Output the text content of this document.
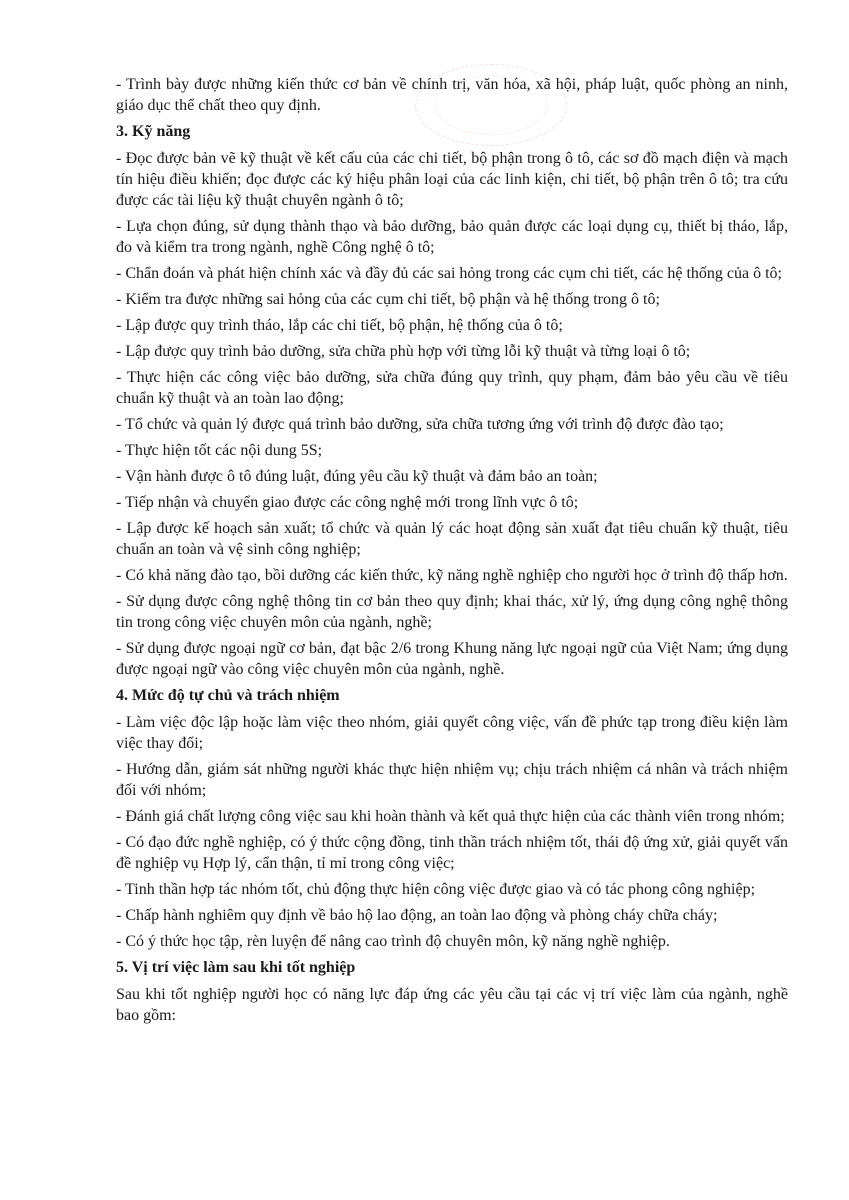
- Trình bày được những kiến thức cơ bản về chính trị, văn hóa, xã hội, pháp luật, quốc phòng an ninh, giáo dục thể chất theo quy định.

3. Kỹ năng

- Đọc được bản vẽ kỹ thuật về kết cấu của các chi tiết, bộ phận trong ô tô, các sơ đồ mạch điện và mạch tín hiệu điều khiển; đọc được các ký hiệu phân loại của các linh kiện, chi tiết, bộ phận trên ô tô; tra cứu được các tài liệu kỹ thuật chuyên ngành ô tô;

- Lựa chọn đúng, sử dụng thành thạo và bảo dưỡng, bảo quản được các loại dụng cụ, thiết bị tháo, lắp, đo và kiểm tra trong ngành, nghề Công nghệ ô tô;

- Chẩn đoán và phát hiện chính xác và đầy đủ các sai hỏng trong các cụm chi tiết, các hệ thống của ô tô;

- Kiểm tra được những sai hỏng của các cụm chi tiết, bộ phận và hệ thống trong ô tô;

- Lập được quy trình tháo, lắp các chi tiết, bộ phận, hệ thống của ô tô;

- Lập được quy trình bảo dưỡng, sửa chữa phù hợp với từng lỗi kỹ thuật và từng loại ô tô;

- Thực hiện các công việc bảo dưỡng, sửa chữa đúng quy trình, quy phạm, đảm bảo yêu cầu về tiêu chuẩn kỹ thuật và an toàn lao động;

- Tổ chức và quản lý được quá trình bảo dưỡng, sửa chữa tương ứng với trình độ được đào tạo;

- Thực hiện tốt các nội dung 5S;

- Vận hành được ô tô đúng luật, đúng yêu cầu kỹ thuật và đảm bảo an toàn;

- Tiếp nhận và chuyển giao được các công nghệ mới trong lĩnh vực ô tô;

- Lập được kế hoạch sản xuất; tổ chức và quản lý các hoạt động sản xuất đạt tiêu chuẩn kỹ thuật, tiêu chuẩn an toàn và vệ sinh công nghiệp;

- Có khả năng đào tạo, bồi dưỡng các kiến thức, kỹ năng nghề nghiệp cho người học ở trình độ thấp hơn.

- Sử dụng được công nghệ thông tin cơ bản theo quy định; khai thác, xử lý, ứng dụng công nghệ thông tin trong công việc chuyên môn của ngành, nghề;

- Sử dụng được ngoại ngữ cơ bản, đạt bậc 2/6 trong Khung năng lực ngoại ngữ của Việt Nam; ứng dụng được ngoại ngữ vào công việc chuyên môn của ngành, nghề.

4. Mức độ tự chủ và trách nhiệm

- Làm việc độc lập hoặc làm việc theo nhóm, giải quyết công việc, vấn đề phức tạp trong điều kiện làm việc thay đổi;

- Hướng dẫn, giám sát những người khác thực hiện nhiệm vụ; chịu trách nhiệm cá nhân và trách nhiệm đối với nhóm;

- Đánh giá chất lượng công việc sau khi hoàn thành và kết quả thực hiện của các thành viên trong nhóm;

- Có đạo đức nghề nghiệp, có ý thức cộng đồng, tinh thần trách nhiệm tốt, thái độ ứng xử, giải quyết vấn đề nghiệp vụ Hợp lý, cẩn thận, tỉ mỉ trong công việc;

- Tinh thần hợp tác nhóm tốt, chủ động thực hiện công việc được giao và có tác phong công nghiệp;

- Chấp hành nghiêm quy định về bảo hộ lao động, an toàn lao động và phòng cháy chữa cháy;

- Có ý thức học tập, rèn luyện để nâng cao trình độ chuyên môn, kỹ năng nghề nghiệp.

5. Vị trí việc làm sau khi tốt nghiệp

Sau khi tốt nghiệp người học có năng lực đáp ứng các yêu cầu tại các vị trí việc làm của ngành, nghề bao gồm:
